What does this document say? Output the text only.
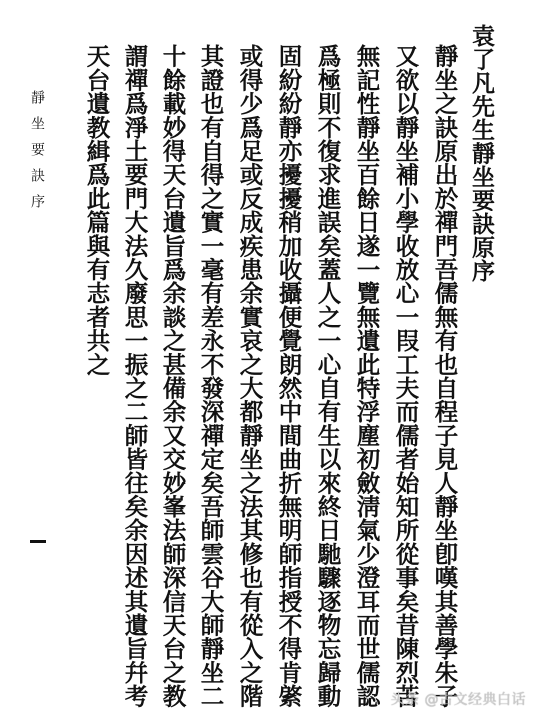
袁了凡先生靜坐要訣原序
靜坐之訣原出於禪門吾儒無有也自程子見人靜坐卽嘆其善學朱子
又欲以靜坐補小學收放心一叚工夫而儒者始知所從事矣昔陳烈苦
無記性靜坐百餘日遂一覽無遺此特浮塵初斂淸氣少澄耳而世儒認
爲極則不復求進誤矣蓋人之一心自有生以來終日馳驟逐物忘歸動
固紛紛靜亦擾擾稍加收攝便覺朗然中間曲折無明師指授不得肯綮
或得少爲足或反成疾患余實哀之大都靜坐之法其修也有從入之階
其證也有自得之實一毫有差永不發深禪定矣吾師雲谷大師靜坐二
十餘載妙得天台遺旨爲余談之甚備余又交妙峯法師深信天台之教
謂禪爲淨土要門大法久廢思一振之二師皆往矣余因述其遺旨幷考
天台遺教緝爲此篇與有志者共之
靜坐要訣序
头条 @古文经典白话
